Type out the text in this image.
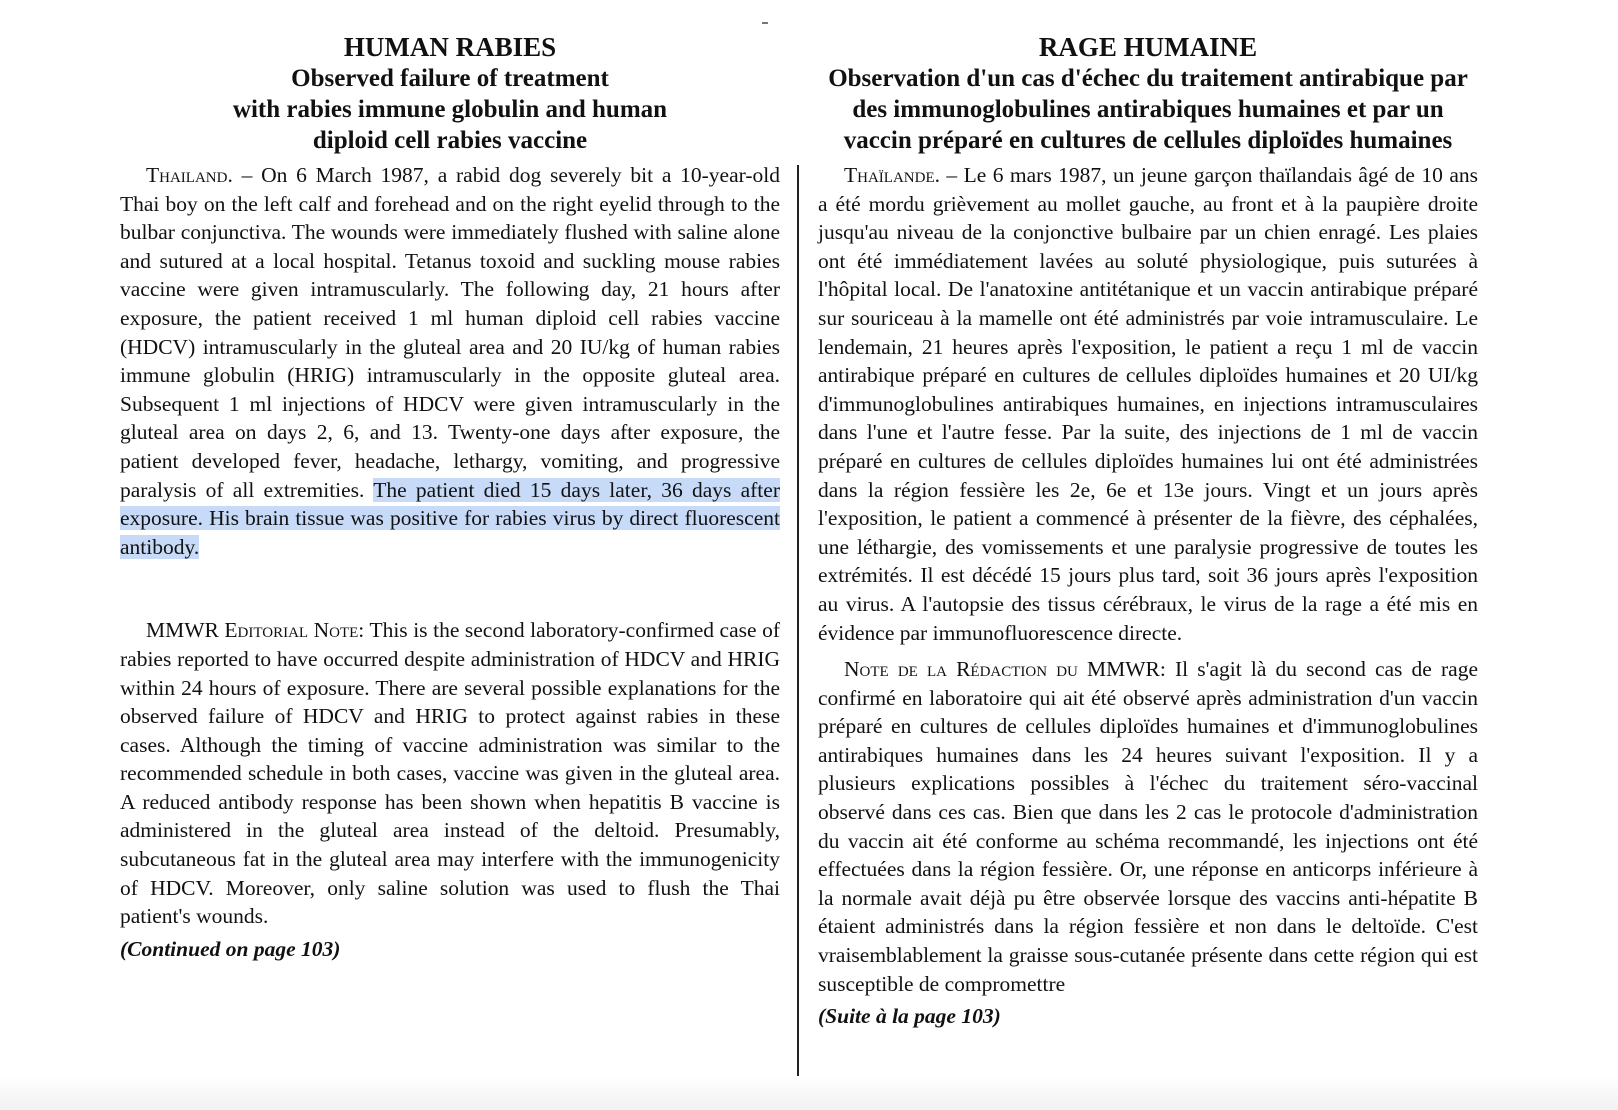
HUMAN RABIES
Observed failure of treatment
with rabies immune globulin and human
diploid cell rabies vaccine

Thailand. – On 6 March 1987, a rabid dog severely bit a 10-year-old Thai boy on the left calf and forehead and on the right eyelid through to the bulbar conjunctiva. The wounds were immediately flushed with saline alone and sutured at a local hospital. Tetanus toxoid and suckling mouse rabies vaccine were given intramuscularly. The following day, 21 hours after exposure, the patient received 1 ml human diploid cell rabies vaccine (HDCV) intramuscularly in the gluteal area and 20 IU/kg of human rabies immune globulin (HRIG) intramuscularly in the opposite gluteal area. Subsequent 1 ml injections of HDCV were given intramuscularly in the gluteal area on days 2, 6, and 13. Twenty-one days after exposure, the patient developed fever, headache, lethargy, vomiting, and progressive paralysis of all extremities. The patient died 15 days later, 36 days after exposure. His brain tissue was positive for rabies virus by direct fluorescent antibody.

MMWR Editorial Note: This is the second laboratory-confirmed case of rabies reported to have occurred despite administration of HDCV and HRIG within 24 hours of exposure. There are several possible explanations for the observed failure of HDCV and HRIG to protect against rabies in these cases. Although the timing of vaccine administration was similar to the recommended schedule in both cases, vaccine was given in the gluteal area. A reduced antibody response has been shown when hepatitis B vaccine is administered in the gluteal area instead of the deltoid. Presumably, subcutaneous fat in the gluteal area may interfere with the immunogenicity of HDCV. Moreover, only saline solution was used to flush the Thai patient's wounds.

(Continued on page 103)
RAGE HUMAINE
Observation d'un cas d'échec du traitement antirabique par
des immunoglobulines antirabiques humaines et par un
vaccin préparé en cultures de cellules diploïdes humaines

Thaïlande. – Le 6 mars 1987, un jeune garçon thaïlandais âgé de 10 ans a été mordu grièvement au mollet gauche, au front et à la paupière droite jusqu'au niveau de la conjonctive bulbaire par un chien enragé. Les plaies ont été immédiatement lavées au soluté physiologique, puis suturées à l'hôpital local. De l'anatoxine antitétanique et un vaccin antirabique préparé sur souriceau à la mamelle ont été administrés par voie intramusculaire. Le lendemain, 21 heures après l'exposition, le patient a reçu 1 ml de vaccin antirabique préparé en cultures de cellules diploïdes humaines et 20 UI/kg d'immunoglobulines antirabiques humaines, en injections intramusculaires dans l'une et l'autre fesse. Par la suite, des injections de 1 ml de vaccin préparé en cultures de cellules diploïdes humaines lui ont été administrées dans la région fessière les 2e, 6e et 13e jours. Vingt et un jours après l'exposition, le patient a commencé à présenter de la fièvre, des céphalées, une léthargie, des vomissements et une paralysie progressive de toutes les extrémités. Il est décédé 15 jours plus tard, soit 36 jours après l'exposition au virus. A l'autopsie des tissus cérébraux, le virus de la rage a été mis en évidence par immunofluorescence directe.

Note de la Rédaction du MMWR: Il s'agit là du second cas de rage confirmé en laboratoire qui ait été observé après administration d'un vaccin préparé en cultures de cellules diploïdes humaines et d'immunoglobulines antirabiques humaines dans les 24 heures suivant l'exposition. Il y a plusieurs explications possibles à l'échec du traitement séro-vaccinal observé dans ces cas. Bien que dans les 2 cas le protocole d'administration du vaccin ait été conforme au schéma recommandé, les injections ont été effectuées dans la région fessière. Or, une réponse en anticorps inférieure à la normale avait déjà pu être observée lorsque des vaccins anti-hépatite B étaient administrés dans la région fessière et non dans le deltoïde. C'est vraisemblablement la graisse sous-cutanée présente dans cette région qui est susceptible de compromettre

(Suite à la page 103)
